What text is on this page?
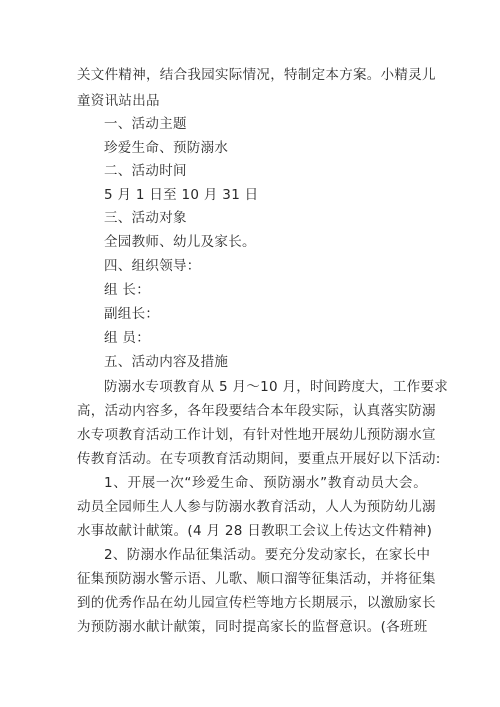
关文件精神，结合我园实际情况，特制定本方案。小精灵儿
童资讯站出品
一、活动主题
珍爱生命、预防溺水
二、活动时间
5 月 1 日至 10 月 31 日
三、活动对象
全园教师、幼儿及家长。
四、组织领导：
组 长：
副组长：
组 员：
五、活动内容及措施
防溺水专项教育从 5 月～10 月，时间跨度大，工作要求
高，活动内容多，各年段要结合本年段实际，认真落实防溺
水专项教育活动工作计划，有针对性地开展幼儿预防溺水宣
传教育活动。在专项教育活动期间，要重点开展好以下活动:
1、开展一次“珍爱生命、预防溺水”教育动员大会。
动员全园师生人人参与防溺水教育活动，人人为预防幼儿溺
水事故献计献策。(4 月 28 日教职工会议上传达文件精神)
2、防溺水作品征集活动。要充分发动家长，在家长中
征集预防溺水警示语、儿歌、顺口溜等征集活动，并将征集
到的优秀作品在幼儿园宣传栏等地方长期展示，以激励家长
为预防溺水献计献策，同时提高家长的监督意识。(各班班
